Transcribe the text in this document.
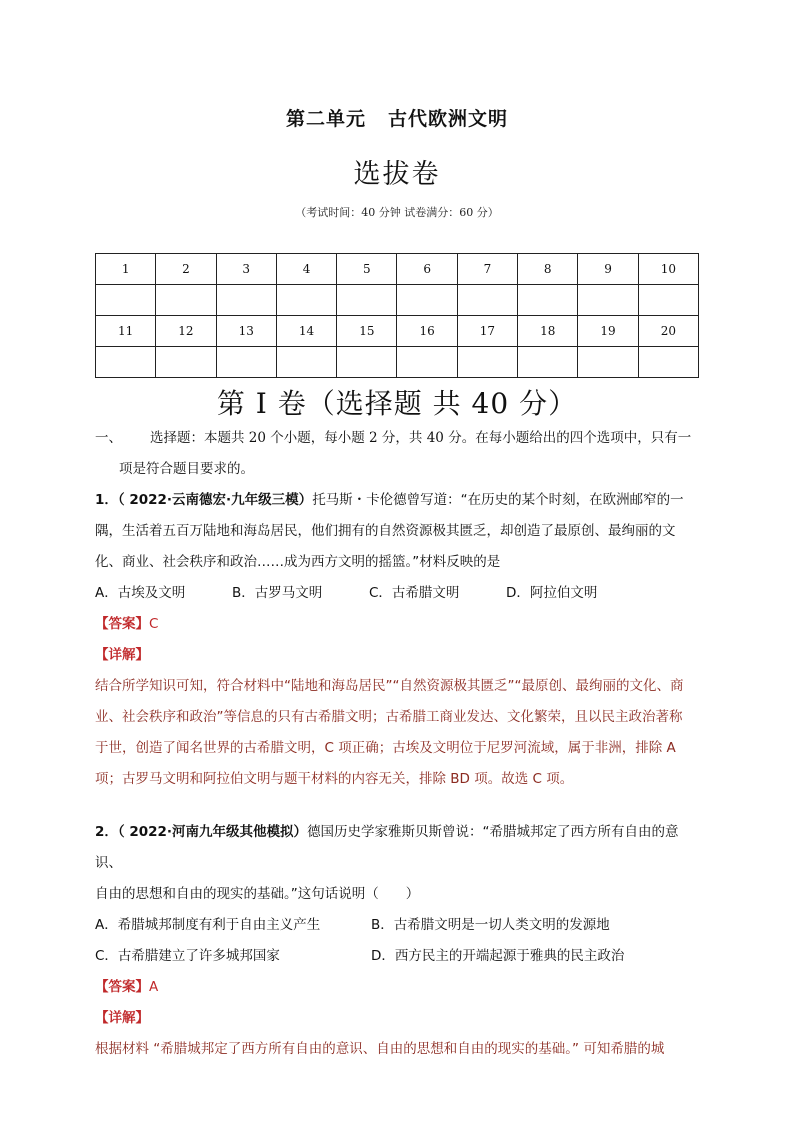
第二单元 古代欧洲文明
选拔卷
（考试时间：40 分钟 试卷满分：60 分）
1	2	3	4	5	6	7	8	9	10

11	12	13	14	15	16	17	18	19	20

第 I 卷（选择题 共 40 分）
一、 选择题：本题共 20 个小题，每小题 2 分，共 40 分。在每小题给出的四个选项中，只有一
项是符合题目要求的。
1．（ 2022·云南德宏·九年级三模）托马斯・卡伦德曾写道：“在历史的某个时刻，在欧洲邮窄的一
隅，生活着五百万陆地和海岛居民，他们拥有的自然资源极其匮乏，却创造了最原创、最绚丽的文
化、商业、社会秩序和政治……成为西方文明的摇篮。”材料反映的是
A．古埃及文明	B．古罗马文明	C．古希腊文明	D．阿拉伯文明
【答案】C
【详解】
结合所学知识可知，符合材料中“陆地和海岛居民”“自然资源极其匮乏”“最原创、最绚丽的文化、商
业、社会秩序和政治”等信息的只有古希腊文明；古希腊工商业发达、文化繁荣，且以民主政治著称
于世，创造了闻名世界的古希腊文明，C 项正确；古埃及文明位于尼罗河流域，属于非洲，排除 A
项；古罗马文明和阿拉伯文明与题干材料的内容无关，排除 BD 项。故选 C 项。
2．（ 2022·河南九年级其他模拟）德国历史学家雅斯贝斯曾说：“希腊城邦定了西方所有自由的意识、
自由的思想和自由的现实的基础。”这句话说明（　　）
A．希腊城邦制度有利于自由主义产生	B．古希腊文明是一切人类文明的发源地
C．古希腊建立了许多城邦国家	D．西方民主的开端起源于雅典的民主政治
【答案】A
【详解】
根据材料 “希腊城邦定了西方所有自由的意识、自由的思想和自由的现实的基础。” 可知希腊的城
